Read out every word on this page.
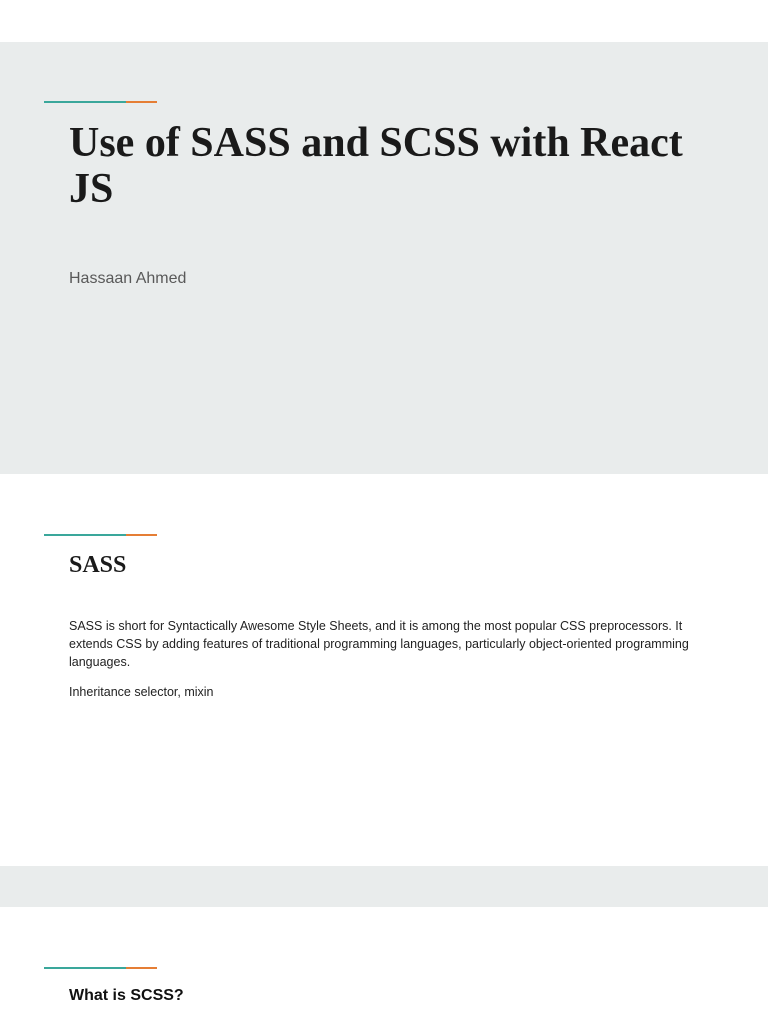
Use of SASS and SCSS with React JS

Hassaan Ahmed

SASS

SASS is short for Syntactically Awesome Style Sheets, and it is among the most popular CSS preprocessors. It extends CSS by adding features of traditional programming languages, particularly object-oriented programming languages.

Inheritance selector, mixin

What is SCSS?
